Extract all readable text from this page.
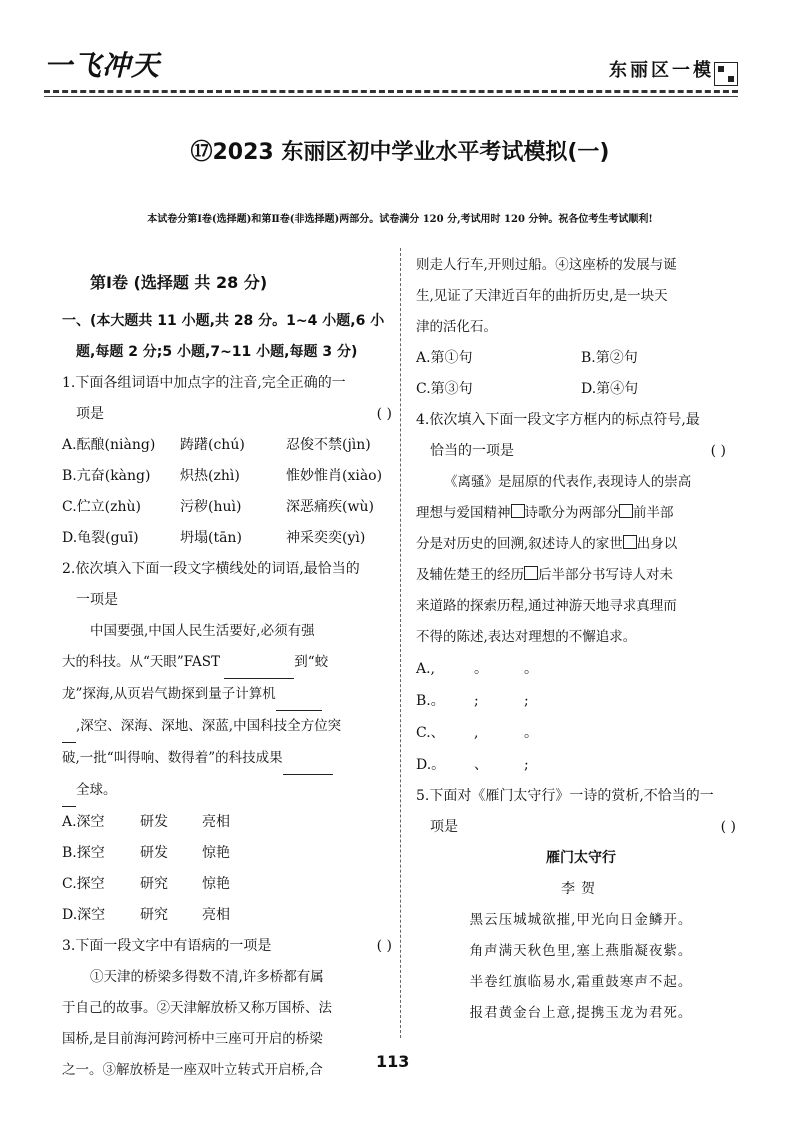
一飞冲天	东丽区一模
⑰2023 东丽区初中学业水平考试模拟(一)
本试卷分第Ⅰ卷(选择题)和第Ⅱ卷(非选择题)两部分。试卷满分 120 分,考试用时 120 分钟。祝各位考生考试顺利!
第Ⅰ卷 (选择题 共 28 分)
一、(本大题共 11 小题,共 28 分。1~4 小题,6 小
题,每题 2 分;5 小题,7~11 小题,每题 3 分)
1.下面各组词语中加点字的注音,完全正确的一
项是	( )
A.酝酿(niàng)	踌躇(chú)	忍俊不禁(jìn)
B.亢奋(kàng)	炽热(zhì)	惟妙惟肖(xiào)
C.伫立(zhù)	污秽(huì)	深恶痛疾(wù)
D.龟裂(guī)	坍塌(tān)	神采奕奕(yì)
2.依次填入下面一段文字横线处的词语,最恰当的
一项是
中国要强,中国人民生活要好,必须有强
大的科技。从“天眼”FAST	到“蛟
龙”探海,从页岩气勘探到量子计算机
,深空、深海、深地、深蓝,中国科技全方位突
破,一批“叫得响、数得着”的科技成果
全球。
A.深空	研发	亮相
B.探空	研发	惊艳
C.探空	研究	惊艳
D.深空	研究	亮相
3.下面一段文字中有语病的一项是	( )
①天津的桥梁多得数不清,许多桥都有属
于自己的故事。②天津解放桥又称万国桥、法
国桥,是目前海河跨河桥中三座可开启的桥梁
之一。③解放桥是一座双叶立转式开启桥,合
则走人行车,开则过船。④这座桥的发展与诞
生,见证了天津近百年的曲折历史,是一块天
津的活化石。
A.第①句	B.第②句
C.第③句	D.第④句
4.依次填入下面一段文字方框内的标点符号,最
恰当的一项是	( )
《离骚》是屈原的代表作,表现诗人的崇高
理想与爱国精神 诗歌分为两部分 前半部
分是对历史的回溯,叙述诗人的家世 出身以
及辅佐楚王的经历 后半部分书写诗人对未
来道路的探索历程,通过神游天地寻求真理而
不得的陈述,表达对理想的不懈追求。
A.,	。	。
B.。	;	;
C.、	,	。
D.。	、	;
5.下面对《雁门太守行》一诗的赏析,不恰当的一
项是	( )
雁门太守行
李贺
黑云压城城欲摧,甲光向日金鳞开。
角声满天秋色里,塞上燕脂凝夜紫。
半卷红旗临易水,霜重鼓寒声不起。
报君黄金台上意,提携玉龙为君死。
113
